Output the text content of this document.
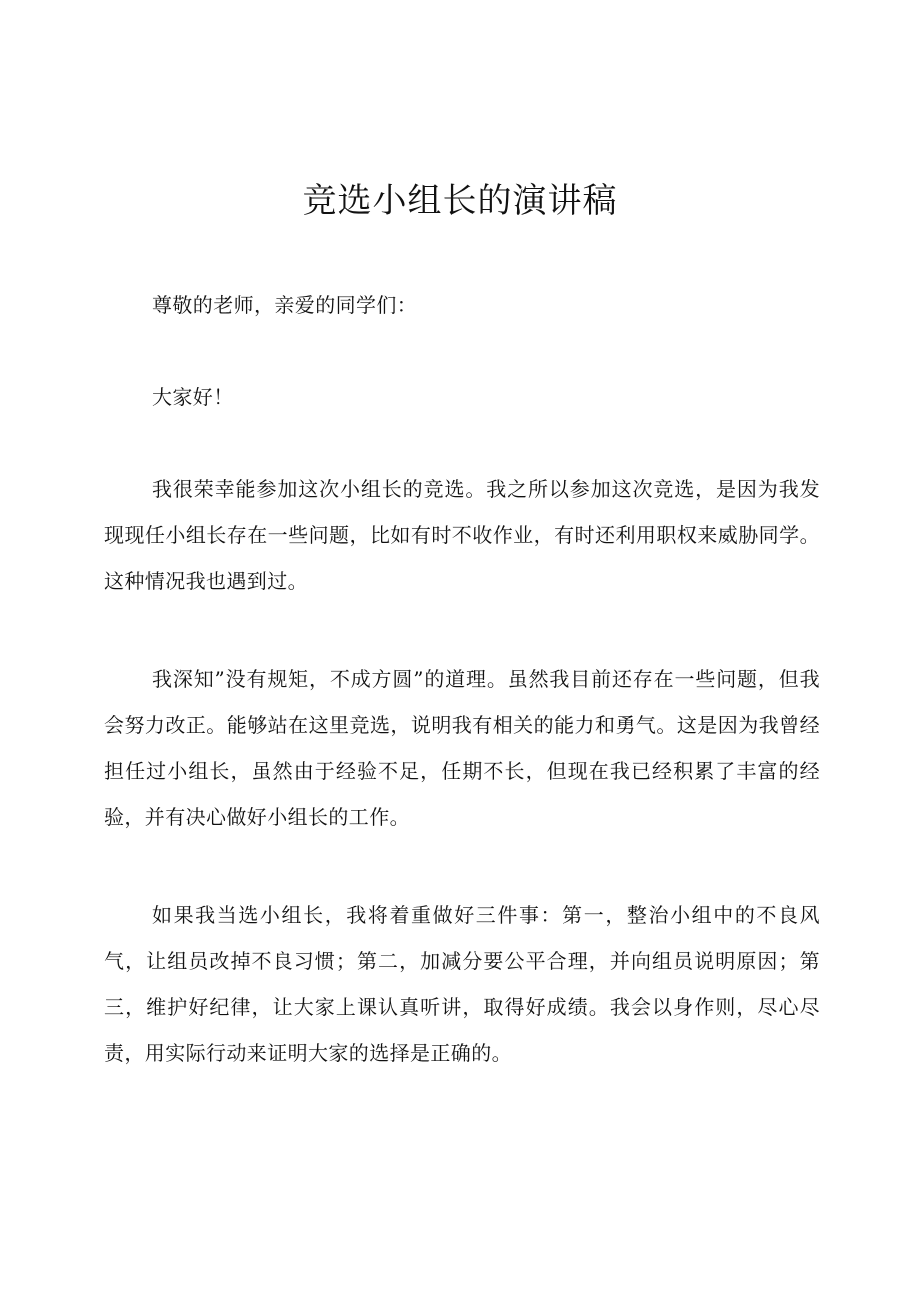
竞选小组长的演讲稿

尊敬的老师，亲爱的同学们：

大家好！

我很荣幸能参加这次小组长的竞选。我之所以参加这次竞选，是因为我发现现任小组长存在一些问题，比如有时不收作业，有时还利用职权来威胁同学。这种情况我也遇到过。

我深知”没有规矩，不成方圆”的道理。虽然我目前还存在一些问题，但我会努力改正。能够站在这里竞选，说明我有相关的能力和勇气。这是因为我曾经担任过小组长，虽然由于经验不足，任期不长，但现在我已经积累了丰富的经验，并有决心做好小组长的工作。

如果我当选小组长，我将着重做好三件事：第一，整治小组中的不良风气，让组员改掉不良习惯；第二，加减分要公平合理，并向组员说明原因；第三，维护好纪律，让大家上课认真听讲，取得好成绩。我会以身作则，尽心尽责，用实际行动来证明大家的选择是正确的。
